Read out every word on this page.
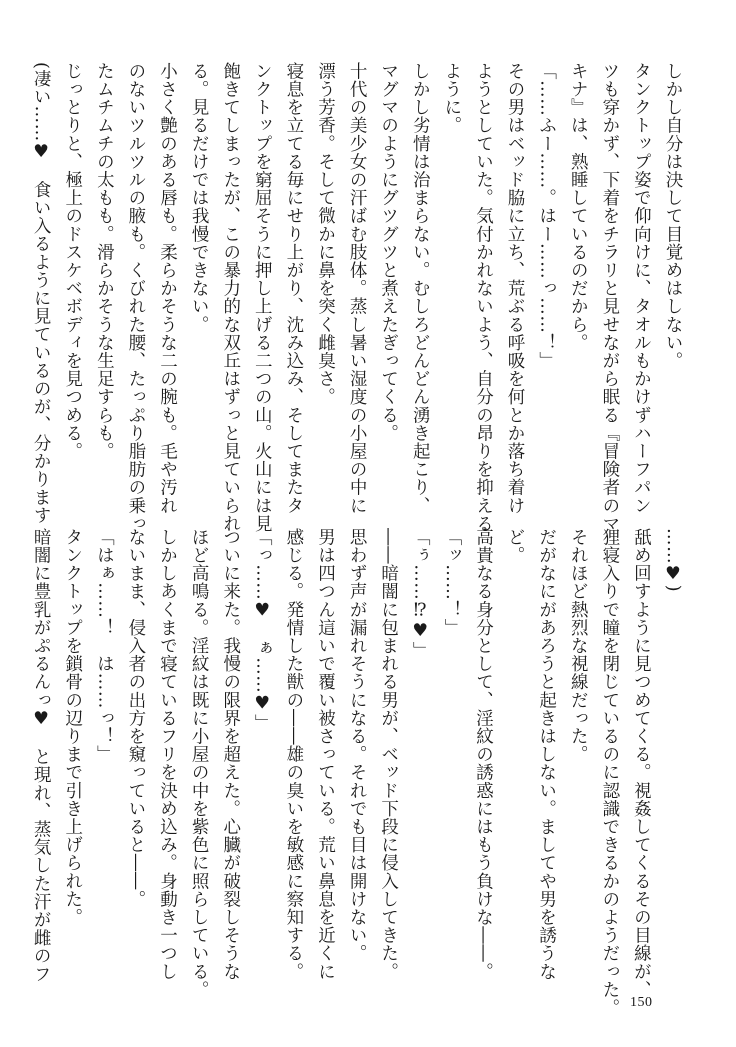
しかし自分は決して目覚めはしない。
タンクトップ姿で仰向けに、タオルもかけずハーフパン
ツも穿かず、下着をチラリと見せながら眠る『冒険者のマ
キナ』は、熟睡しているのだから。
「……ふー……。はー……っ……！」
その男はベッド脇に立ち、荒ぶる呼吸を何とか落ち着け
ようとしていた。気付かれないよう、自分の昂りを抑える
ように。
しかし劣情は治まらない。むしろどんどん湧き起こり、
マグマのようにグツグツと煮えたぎってくる。
十代の美少女の汗ばむ肢体。蒸し暑い湿度の小屋の中に
漂う芳香。そして微かに鼻を突く雌臭さ。
寝息を立てる毎にせり上がり、沈み込み、そしてまたタ
ンクトップを窮屈そうに押し上げる二つの山。火山には見
飽きてしまったが、この暴力的な双丘はずっと見ていられ
る。見るだけでは我慢できない。
小さく艶のある唇も。柔らかそうな二の腕も。毛や汚れ
のないツルツルの腋も。くびれた腰、たっぷり脂肪の乗っ
たムチムチの太もも。滑らかそうな生足すらも。
じっとりと、極上のドスケベボディを見つめる。
(凄い……♥　食い入るように見ているのが、分かります
……♥)
舐め回すように見つめてくる。視姦してくるその目線が、
狸寝入りで瞳を閉じているのに認識できるかのようだった。
それほど熱烈な視線だった。
だがなにがあろうと起きはしない。ましてや男を誘うな
ど。
高貴なる身分として、淫紋の誘惑にはもう負けな――。
「ッ……！」
「ぅ……⁉♥」
――暗闇に包まれる男が、ベッド下段に侵入してきた。
思わず声が漏れそうになる。それでも目は開けない。
男は四つん這いで覆い被さっている。荒い鼻息を近くに
感じる。発情した獣の――雄の臭いを敏感に察知する。
「っ……♥　ぁ……♥」
ついに来た。我慢の限界を超えた。心臓が破裂しそうな
ほど高鳴る。淫紋は既に小屋の中を紫色に照らしている。
しかしあくまで寝ているフリを決め込み。身動き一つし
ないまま、侵入者の出方を窺っていると――。
「はぁ……！　は……っ！」
タンクトップを鎖骨の辺りまで引き上げられた。
暗闇に豊乳がぷるんっ♥　と現れ、蒸気した汗が雌のフ
150
